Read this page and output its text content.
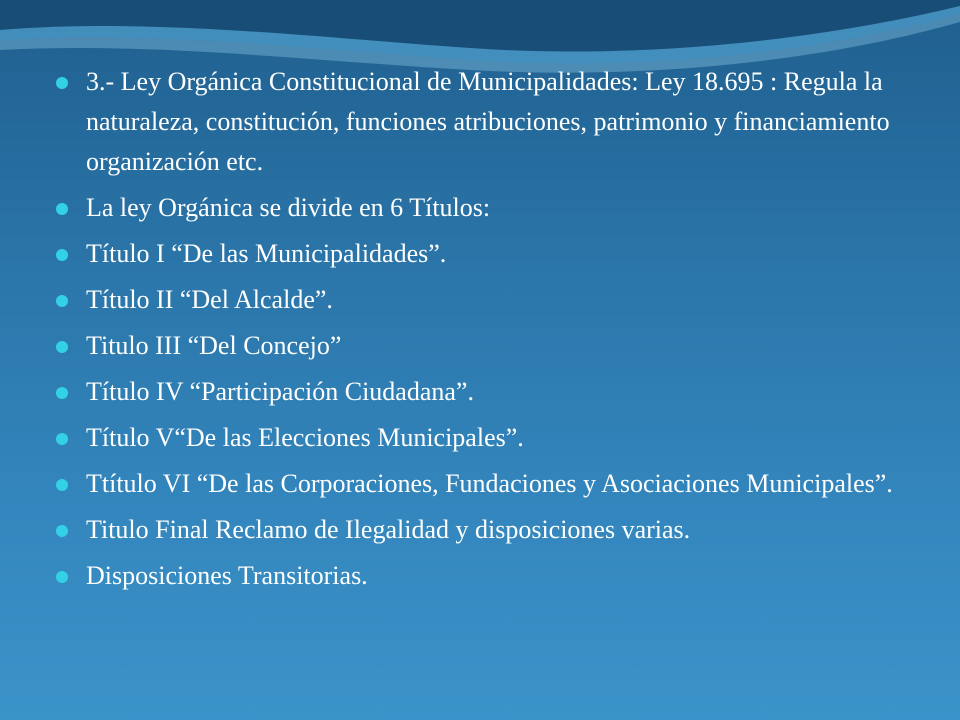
3.- Ley Orgánica Constitucional de Municipalidades: Ley 18.695 : Regula la naturaleza, constitución, funciones atribuciones, patrimonio y financiamiento organización etc.
La ley Orgánica se divide en 6 Títulos:
Título I “De las Municipalidades”.
Título II “Del Alcalde”.
Titulo III “Del Concejo”
Título IV “Participación Ciudadana”.
Título V“De las Elecciones Municipales”.
Ttítulo VI “De las Corporaciones, Fundaciones y Asociaciones Municipales”.
Titulo Final Reclamo de Ilegalidad y disposiciones varias.
Disposiciones Transitorias.
